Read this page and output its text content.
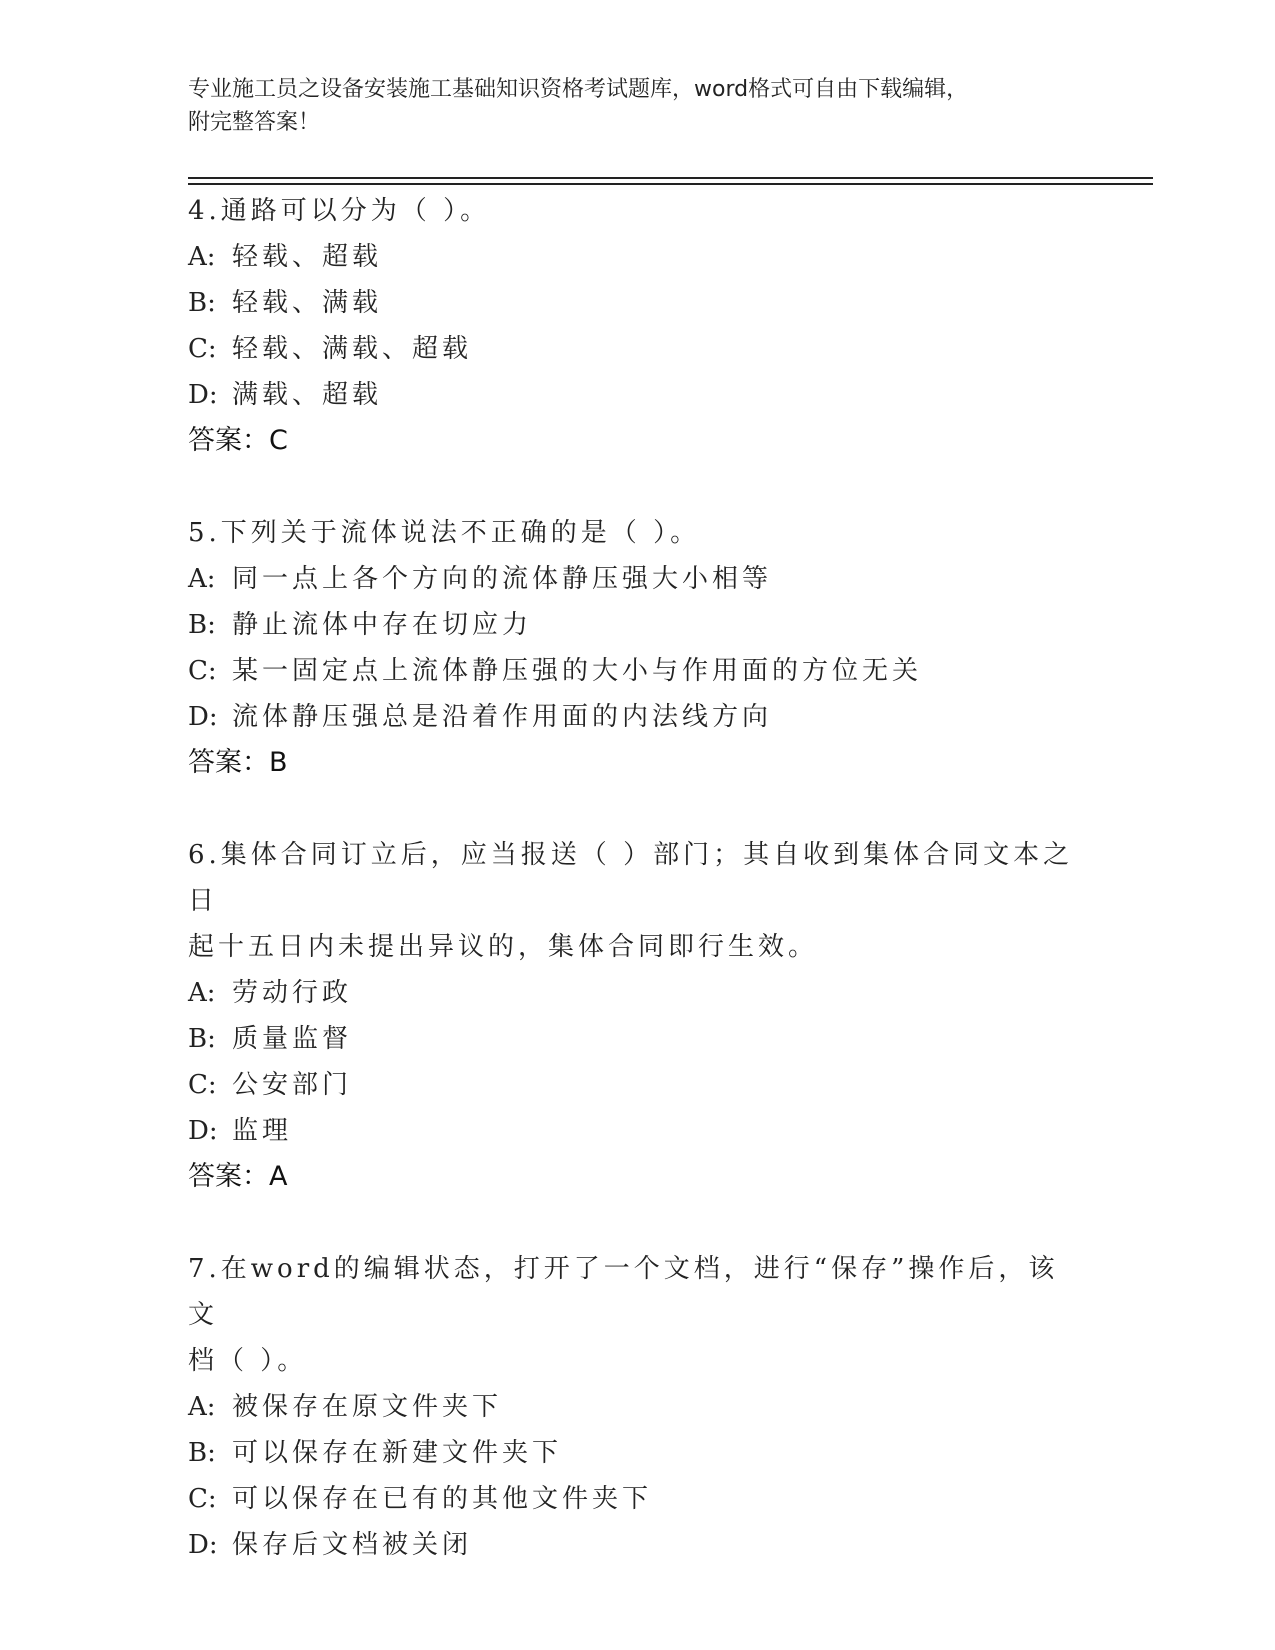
专业施工员之设备安装施工基础知识资格考试题库，word格式可自由下载编辑，
附完整答案！
4.通路可以分为（ ）。
A: 轻载、超载
B: 轻载、满载
C: 轻载、满载、超载
D: 满载、超载
答案：C
5.下列关于流体说法不正确的是（ ）。
A: 同一点上各个方向的流体静压强大小相等
B: 静止流体中存在切应力
C: 某一固定点上流体静压强的大小与作用面的方位无关
D: 流体静压强总是沿着作用面的内法线方向
答案：B
6.集体合同订立后，应当报送（ ）部门；其自收到集体合同文本之日
起十五日内未提出异议的，集体合同即行生效。
A: 劳动行政
B: 质量监督
C: 公安部门
D: 监理
答案：A
7.在word的编辑状态，打开了一个文档，进行“保存”操作后，该文
档（ ）。
A: 被保存在原文件夹下
B: 可以保存在新建文件夹下
C: 可以保存在已有的其他文件夹下
D: 保存后文档被关闭
